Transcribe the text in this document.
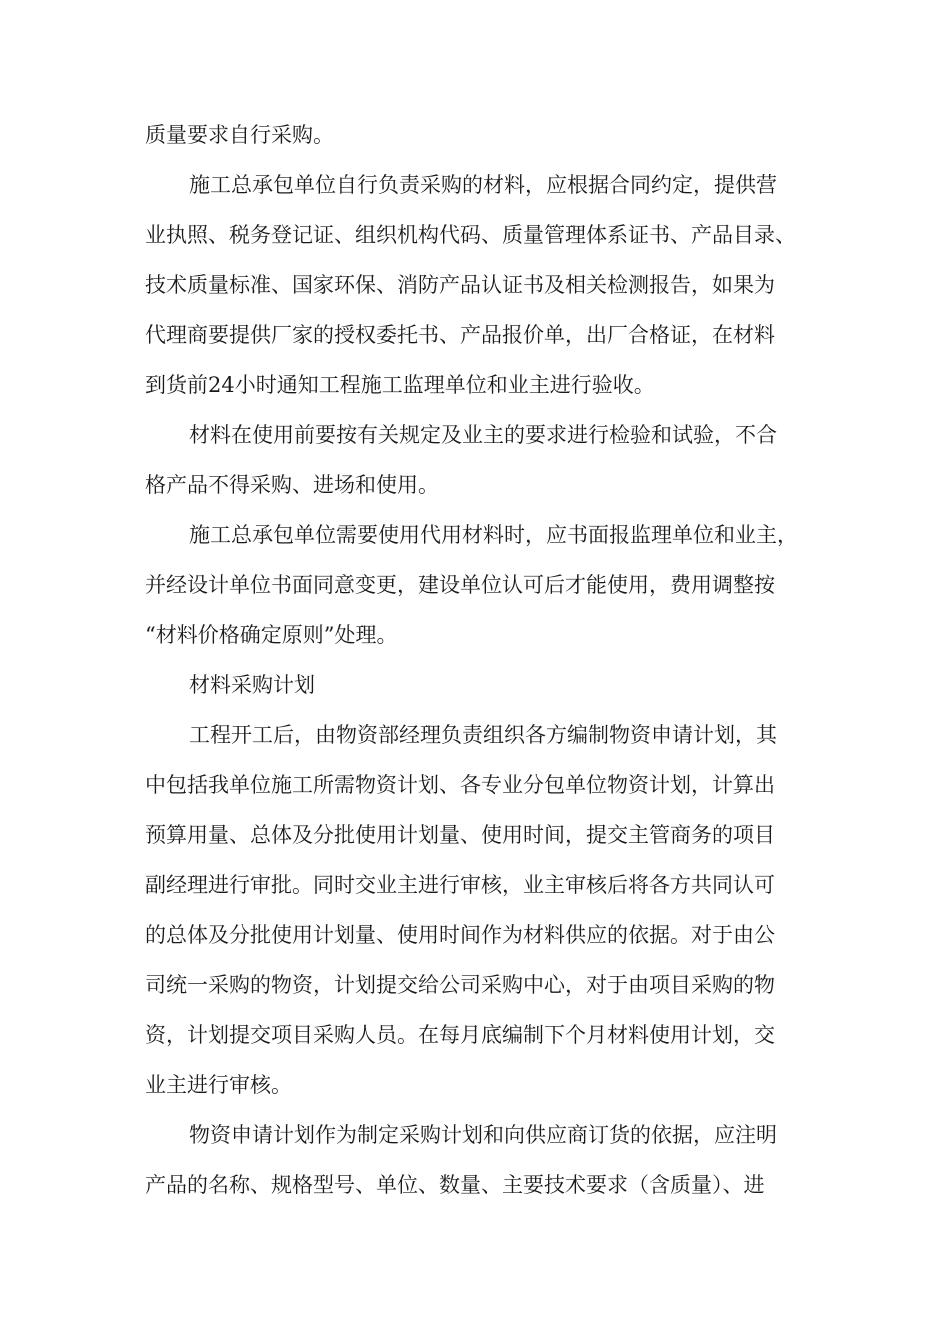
质量要求自行采购。
施工总承包单位自行负责采购的材料，应根据合同约定，提供营
业执照、税务登记证、组织机构代码、质量管理体系证书、产品目录、
技术质量标准、国家环保、消防产品认证书及相关检测报告，如果为
代理商要提供厂家的授权委托书、产品报价单，出厂合格证，在材料
到货前24小时通知工程施工监理单位和业主进行验收。
材料在使用前要按有关规定及业主的要求进行检验和试验，不合
格产品不得采购、进场和使用。
施工总承包单位需要使用代用材料时，应书面报监理单位和业主，
并经设计单位书面同意变更，建设单位认可后才能使用，费用调整按
“材料价格确定原则”处理。
材料采购计划
工程开工后，由物资部经理负责组织各方编制物资申请计划，其
中包括我单位施工所需物资计划、各专业分包单位物资计划，计算出
预算用量、总体及分批使用计划量、使用时间，提交主管商务的项目
副经理进行审批。同时交业主进行审核，业主审核后将各方共同认可
的总体及分批使用计划量、使用时间作为材料供应的依据。对于由公
司统一采购的物资，计划提交给公司采购中心，对于由项目采购的物
资，计划提交项目采购人员。在每月底编制下个月材料使用计划，交
业主进行审核。
物资申请计划作为制定采购计划和向供应商订货的依据，应注明
产品的名称、规格型号、单位、数量、主要技术要求（含质量）、进
